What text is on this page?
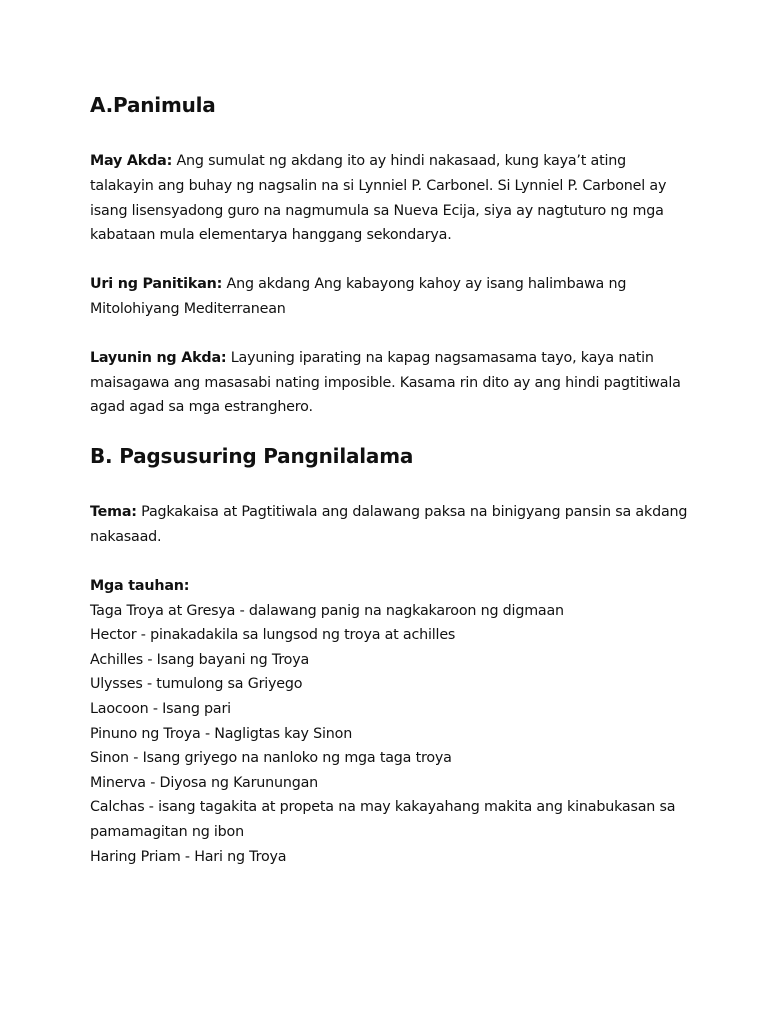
A.Panimula

May Akda: Ang sumulat ng akdang ito ay hindi nakasaad, kung kaya’t ating talakayin ang buhay ng nagsalin na si Lynniel P. Carbonel. Si Lynniel P. Carbonel ay isang lisensyadong guro na nagmumula sa Nueva Ecija, siya ay nagtuturo ng mga kabataan mula elementarya hanggang sekondarya.

Uri ng Panitikan: Ang akdang Ang kabayong kahoy ay isang halimbawa ng Mitolohiyang Mediterranean

Layunin ng Akda: Layuning iparating na kapag nagsamasama tayo, kaya natin maisagawa ang masasabi nating imposible. Kasama rin dito ay ang hindi pagtitiwala agad agad sa mga estranghero.

B. Pagsusuring Pangnilalama

Tema: Pagkakaisa at Pagtitiwala ang dalawang paksa na binigyang pansin sa akdang nakasaad.

Mga tauhan:

Taga Troya at Gresya - dalawang panig na nagkakaroon ng digmaan
Hector - pinakadakila sa lungsod ng troya at achilles
Achilles - Isang bayani ng Troya
Ulysses - tumulong sa Griyego
Laocoon - Isang pari
Pinuno ng Troya - Nagligtas kay Sinon
Sinon - Isang griyego na nanloko ng mga taga troya
Minerva - Diyosa ng Karunungan
Calchas - isang tagakita at propeta na may kakayahang makita ang kinabukasan sa pamamagitan ng ibon
Haring Priam - Hari ng Troya
